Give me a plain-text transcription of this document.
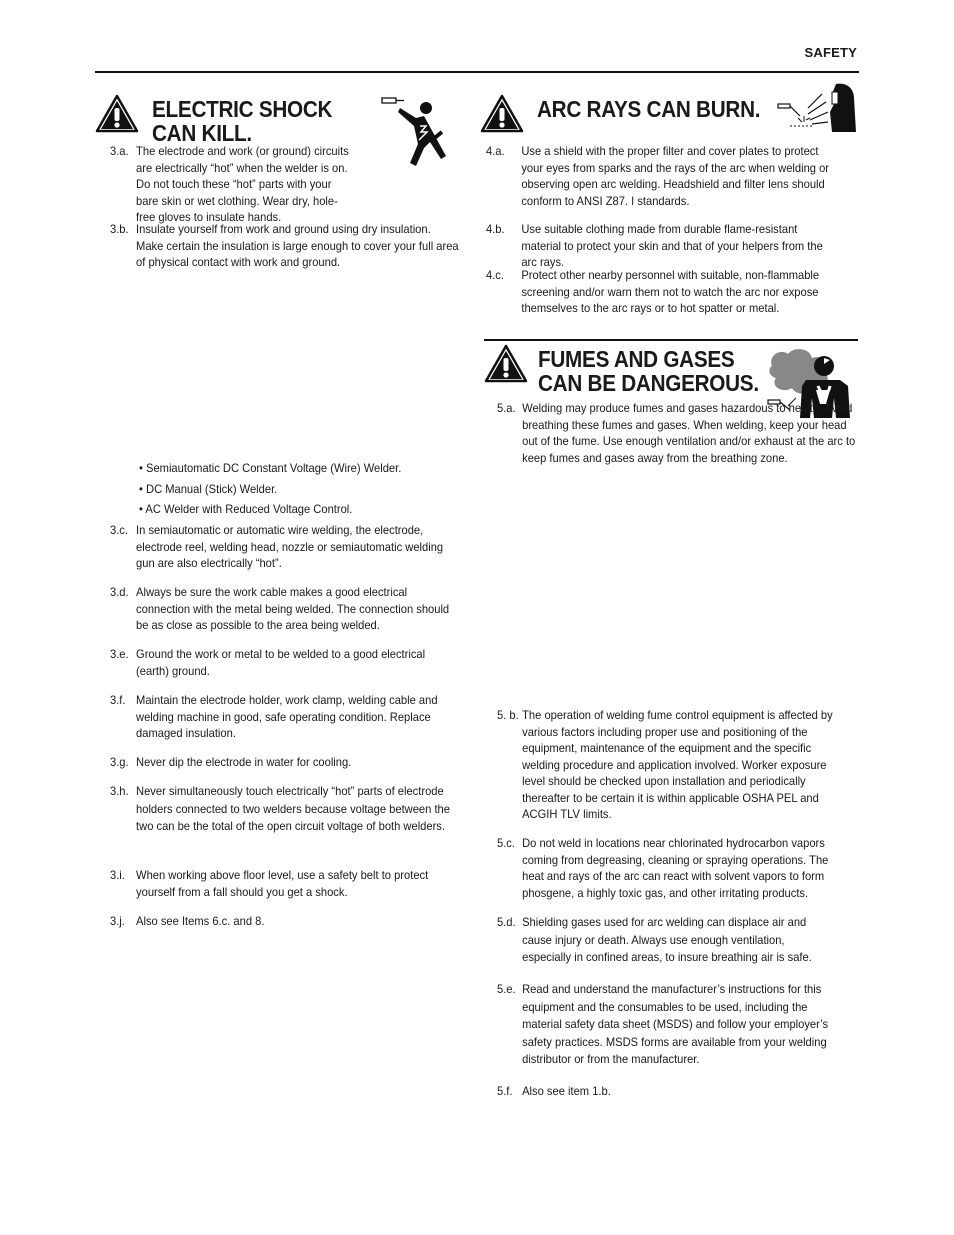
SAFETY
ELECTRIC SHOCK
CAN KILL.
3.a. The electrode and work (or ground) circuits are electrically “hot” when the welder is on. Do not touch these “hot” parts with your bare skin or wet clothing. Wear dry, hole-free gloves to insulate hands.
3.b. Insulate yourself from work and ground using dry insulation. Make certain the insulation is large enough to cover your full area of physical contact with work and ground.
• Semiautomatic DC Constant Voltage (Wire) Welder.
• DC Manual (Stick) Welder.
• AC Welder with Reduced Voltage Control.
3.c. In semiautomatic or automatic wire welding, the electrode, electrode reel, welding head, nozzle or semiautomatic welding gun are also electrically “hot”.
3.d. Always be sure the work cable makes a good electrical connection with the metal being welded. The connection should be as close as possible to the area being welded.
3.e. Ground the work or metal to be welded to a good electrical (earth) ground.
3.f. Maintain the electrode holder, work clamp, welding cable and welding machine in good, safe operating condition. Replace damaged insulation.
3.g. Never dip the electrode in water for cooling.
3.h. Never simultaneously touch electrically “hot” parts of electrode holders connected to two welders because voltage between the two can be the total of the open circuit voltage of both welders.
3.i. When working above floor level, use a safety belt to protect yourself from a fall should you get a shock.
3.j. Also see Items 6.c. and 8.
ARC RAYS CAN BURN.
4.a. Use a shield with the proper filter and cover plates to protect your eyes from sparks and the rays of the arc when welding or observing open arc welding. Headshield and filter lens should conform to ANSI Z87. I standards.
4.b. Use suitable clothing made from durable flame-resistant material to protect your skin and that of your helpers from the arc rays.
4.c. Protect other nearby personnel with suitable, non-flammable screening and/or warn them not to watch the arc nor expose themselves to the arc rays or to hot spatter or metal.
FUMES AND GASES
CAN BE DANGEROUS.
5.a. Welding may produce fumes and gases hazardous to health. Avoid breathing these fumes and gases. When welding, keep your head out of the fume. Use enough ventilation and/or exhaust at the arc to keep fumes and gases away from the breathing zone.
5. b. The operation of welding fume control equipment is affected by various factors including proper use and positioning of the equipment, maintenance of the equipment and the specific welding procedure and application involved. Worker exposure level should be checked upon installation and periodically thereafter to be certain it is within applicable OSHA PEL and ACGIH TLV limits.
5.c. Do not weld in locations near chlorinated hydrocarbon vapors coming from degreasing, cleaning or spraying operations. The heat and rays of the arc can react with solvent vapors to form phosgene, a highly toxic gas, and other irritating products.
5.d. Shielding gases used for arc welding can displace air and cause injury or death. Always use enough ventilation, especially in confined areas, to insure breathing air is safe.
5.e. Read and understand the manufacturer’s instructions for this equipment and the consumables to be used, including the material safety data sheet (MSDS) and follow your employer’s safety practices. MSDS forms are available from your welding distributor or from the manufacturer.
5.f. Also see item 1.b.
